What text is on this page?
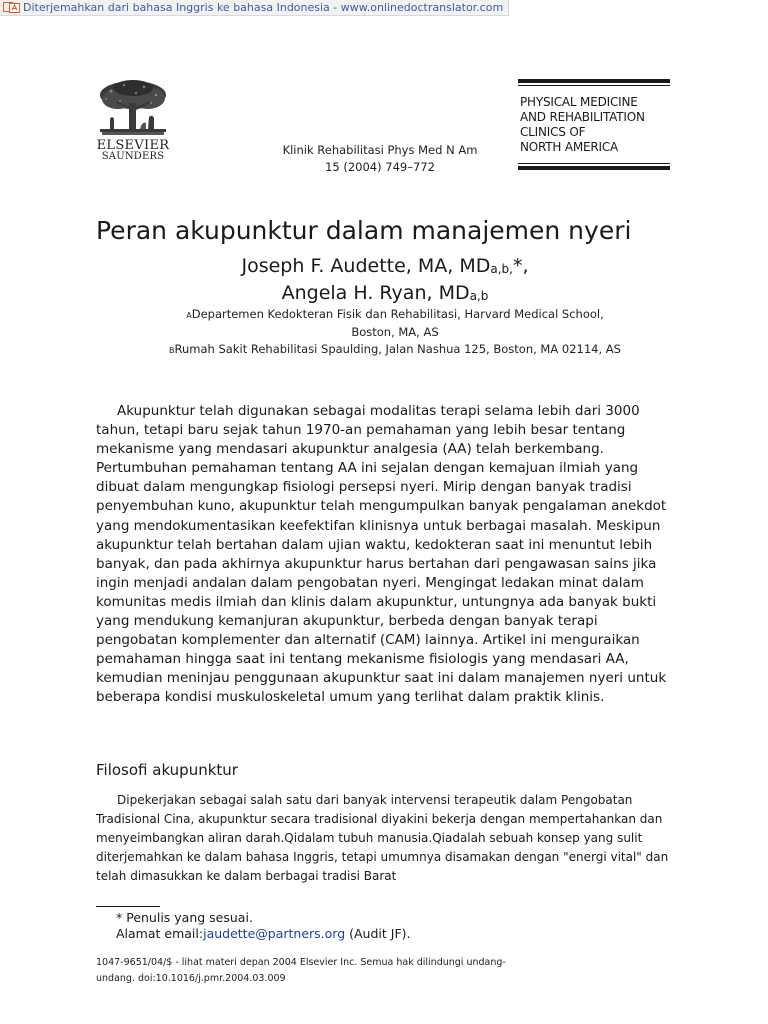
Diterjemahkan dari bahasa Inggris ke bahasa Indonesia - www.onlinedoctranslator.com
ELSEVIER
SAUNDERS	Klinik Rehabilitasi Phys Med N Am
15 (2004) 749–772
PHYSICAL MEDICINE
AND REHABILITATION
CLINICS OF
NORTH AMERICA
Peran akupunktur dalam manajemen nyeri
Joseph F. Audette, MA, $MD^{a,b,}*$,
Angela H. Ryan, MD$^{a,b}$
ADepartemen Kedokteran Fisik dan Rehabilitasi, Harvard Medical School,
Boston, MA, AS
BRumah Sakit Rehabilitasi Spaulding, Jalan Nashua 125, Boston, MA 02114, AS

Akupunktur telah digunakan sebagai modalitas terapi selama lebih dari 3000 tahun, tetapi baru sejak tahun 1970-an pemahaman yang lebih besar tentang mekanisme yang mendasari akupunktur analgesia (AA) telah berkembang. Pertumbuhan pemahaman tentang AA ini sejalan dengan kemajuan ilmiah yang dibuat dalam mengungkap fisiologi persepsi nyeri. Mirip dengan banyak tradisi penyembuhan kuno, akupunktur telah mengumpulkan banyak pengalaman anekdot yang mendokumentasikan keefektifan klinisnya untuk berbagai masalah. Meskipun akupunktur telah bertahan dalam ujian waktu, kedokteran saat ini menuntut lebih banyak, dan pada akhirnya akupunktur harus bertahan dari pengawasan sains jika ingin menjadi andalan dalam pengobatan nyeri. Mengingat ledakan minat dalam komunitas medis ilmiah dan klinis dalam akupunktur, untungnya ada banyak bukti yang mendukung kemanjuran akupunktur, berbeda dengan banyak terapi pengobatan komplementer dan alternatif (CAM) lainnya. Artikel ini menguraikan pemahaman hingga saat ini tentang mekanisme fisiologis yang mendasari AA, kemudian meninjau penggunaan akupunktur saat ini dalam manajemen nyeri untuk beberapa kondisi muskuloskeletal umum yang terlihat dalam praktik klinis.

Filosofi akupunktur

Dipekerjakan sebagai salah satu dari banyak intervensi terapeutik dalam Pengobatan Tradisional Cina, akupunktur secara tradisional diyakini bekerja dengan mempertahankan dan menyeimbangkan aliran darah.Qidalam tubuh manusia.Qiadalah sebuah konsep yang sulit diterjemahkan ke dalam bahasa Inggris, tetapi umumnya disamakan dengan "energi vital" dan telah dimasukkan ke dalam berbagai tradisi Barat

* Penulis yang sesuai.
Alamat email:jaudette@partners.org (Audit JF).
1047-9651/04/$ - lihat materi depan 2004 Elsevier Inc. Semua hak dilindungi undang-
undang. doi:10.1016/j.pmr.2004.03.009
